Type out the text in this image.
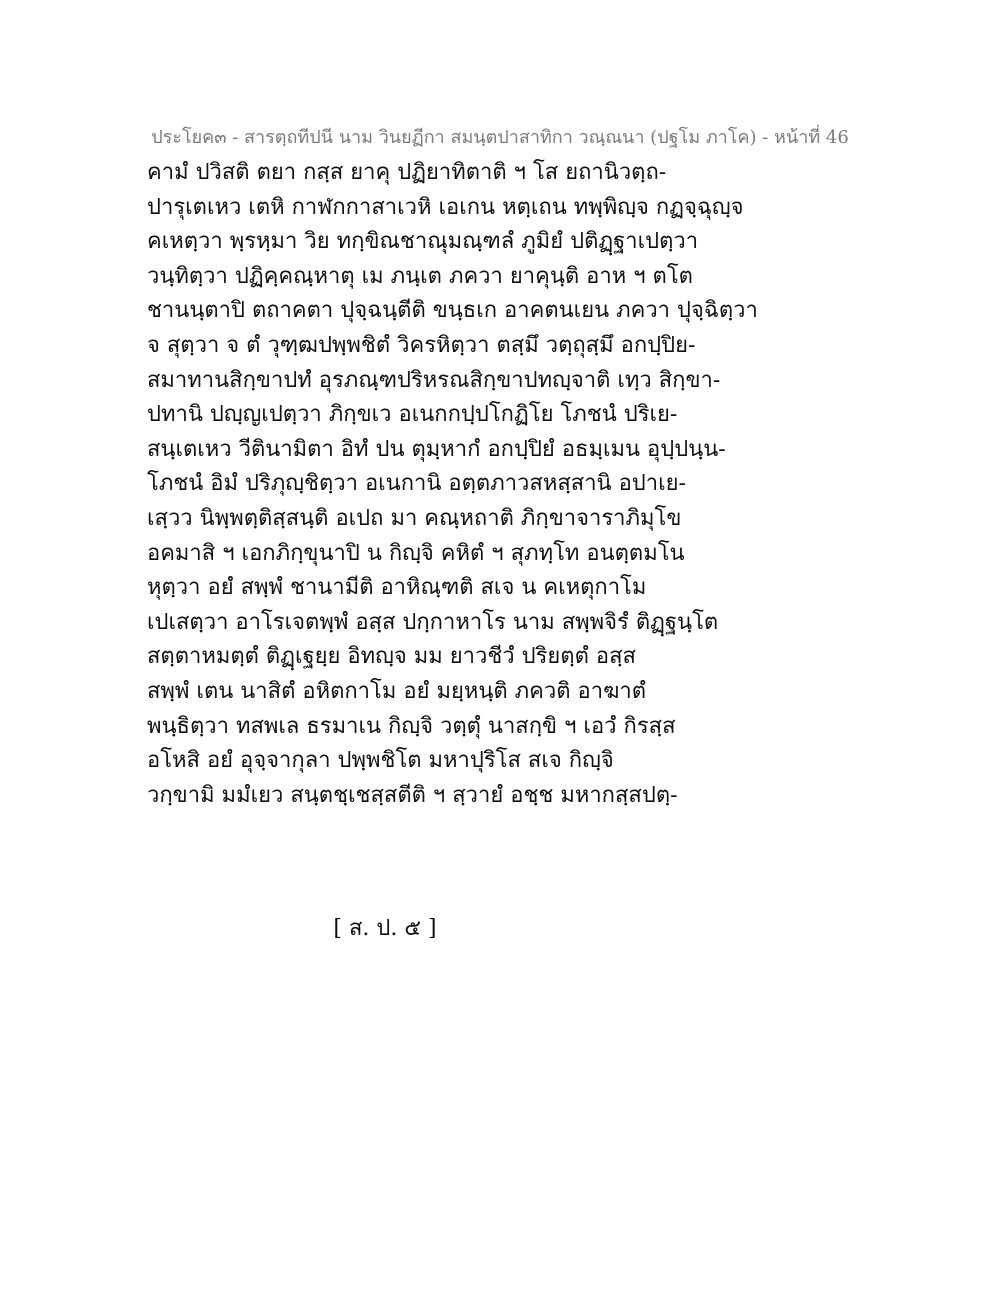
ประโยค๓ - สารตฺถทีปนี นาม วินยฏีกา สมนฺตปาสาทิกา วณฺณนา (ปฐโม ภาโค) - หน้าที่ 46
คามํ ปวิสติ ตยา กสฺส ยาคุ ปฏิยาทิตาติ ฯ โส ยถานิวตฺถ-
ปารุเตเหว เตหิ กาฬกกาสาเวหิ เอเกน หตฺเถน ทพฺพิญฺจ กฏจฺฉุญฺจ
คเหตฺวา พฺรหฺมา วิย ทกฺขิณชาณุมณฺฑลํ ภูมิยํ ปติฏฺฐาเปตฺวา
วนฺทิตฺวา ปฏิคฺคณฺหาตุ เม ภนฺเต ภควา ยาคุนฺติ อาห ฯ ตโต
ชานนฺตาปิ ตถาคตา ปุจฺฉนฺตีติ ขนฺธเก อาคตนเยน ภควา ปุจฺฉิตฺวา
จ สุตฺวา จ ตํ วุฑฺฒปพฺพชิตํ วิครหิตฺวา ตสฺมึ วตฺถุสฺมึ อกปฺปิย-
สมาทานสิกฺขาปทํ อุรภณฺฑปริหรณสิกฺขาปทญฺจาติ เทฺว สิกฺขา-
ปทานิ ปญฺญเปตฺวา ภิกฺขเว อเนกกปฺปโกฏิโย โภชนํ ปริเย-
สนฺเตเหว วีตินามิตา อิทํ ปน ตุมฺหากํ อกปฺปิยํ อธมฺเมน อุปฺปนฺน-
โภชนํ อิมํ ปริภุญฺชิตฺวา อเนกานิ อตฺตภาวสหสฺสานิ อปาเย-
เสฺวว นิพฺพตฺติสฺสนฺติ อเปถ มา คณฺหถาติ ภิกฺขาจาราภิมุโข
อคมาสิ ฯ เอกภิกฺขุนาปิ น กิญฺจิ คหิตํ ฯ สุภทฺโท อนตฺตมโน
หุตฺวา อยํ สพฺพํ ชานามีติ อาหิณฺฑติ สเจ น คเหตุกาโม
เปเสตฺวา อาโรเจตพฺพํ อสฺส ปกฺกาหาโร นาม สพฺพจิรํ ติฏฺฐนฺโต
สตฺตาหมตฺตํ ติฏฺเฐยฺย อิทญฺจ มม ยาวชีวํ ปริยตฺตํ อสฺส
สพฺพํ เตน นาสิตํ อหิตกาโม อยํ มยฺหนฺติ ภควติ อาฆาตํ
พนฺธิตฺวา ทสพเล ธรมาเน กิญฺจิ วตฺตุํ นาสกฺขิ ฯ เอวํ กิรสฺส
อโหสิ อยํ อุจฺจากุลา ปพฺพชิโต มหาปุริโส สเจ กิญฺจิ
วกฺขามิ มมํเยว สนฺตชฺเชสฺสตีติ ฯ สฺวายํ อชฺช มหากสฺสปตฺ-
[ ส. ป. ๕ ]
